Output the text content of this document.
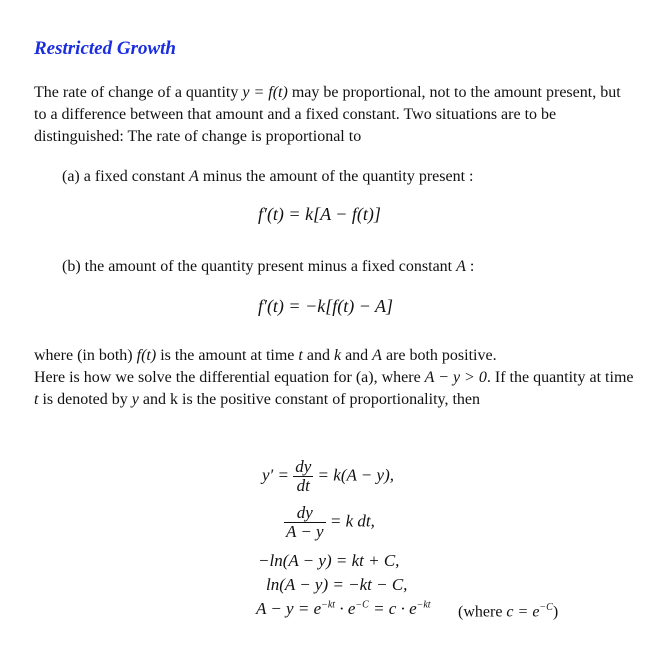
Restricted Growth

The rate of change of a quantity y = f(t) may be proportional, not to the amount present, but to a difference between that amount and a fixed constant. Two situations are to be distinguished: The rate of change is proportional to

(a) a fixed constant A minus the amount of the quantity present :

f′(t) = k[A − f(t)]

(b) the amount of the quantity present minus a fixed constant A :

f′(t) = −k[f(t) − A]

where (in both) f(t) is the amount at time t and k and A are both positive.
Here is how we solve the differential equation for (a), where A − y > 0. If the quantity at time t is denoted by y and k is the positive constant of proportionality, then

$y' = \frac{dy}{dt} = k(A - y)$,
$\frac{dy}{A - y} = k$ dt,
−ln(A − y) = kt + C,
ln(A − y) = −kt − C,
$A - y = e^{-kt} \cdot e^{-C} = c \cdot e^{-kt}$ (where $c = e^{-C}$)
